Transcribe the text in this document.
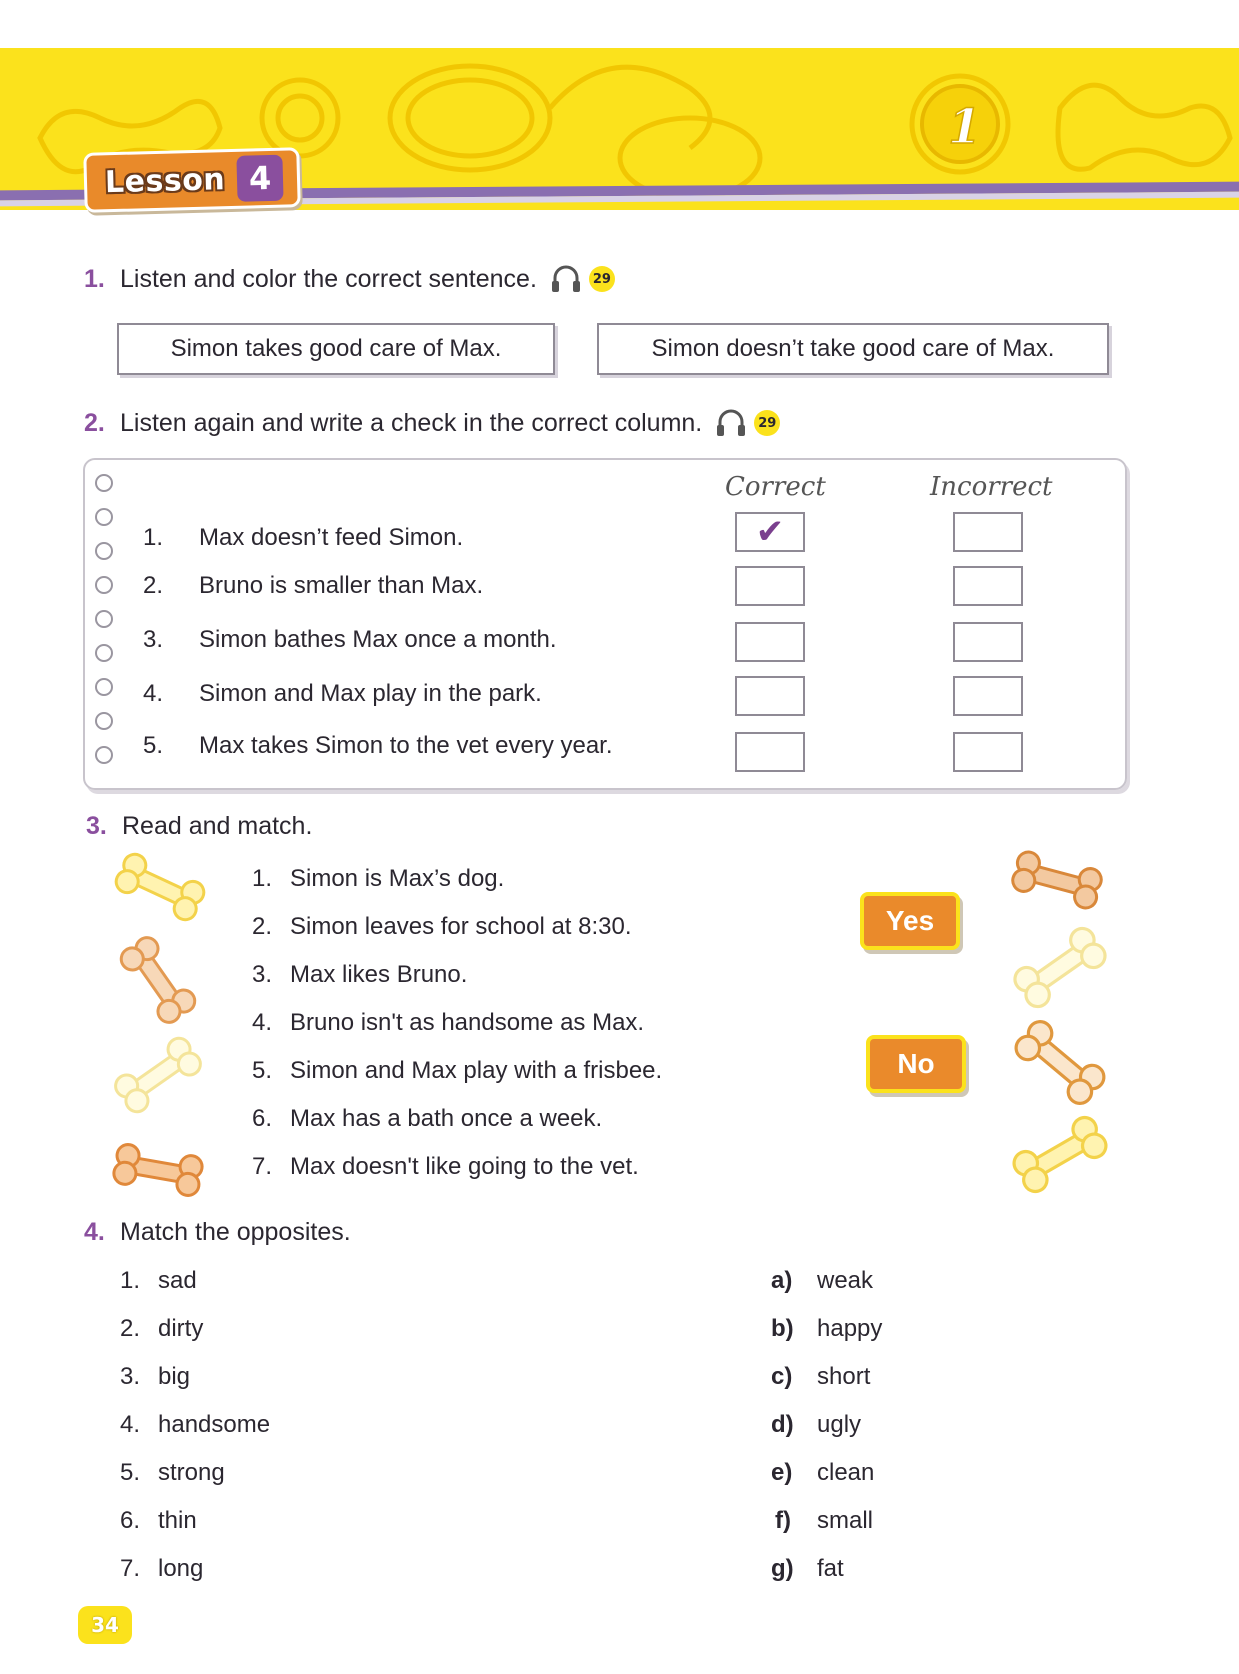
1
Lesson 4
1. Listen and color the correct sentence.	29
Simon takes good care of Max.	Simon doesn’t take good care of Max.
2. Listen again and write a check in the correct column.	29
Correct	Incorrect
1. Max doesn’t feed Simon.	✔
2. Bruno is smaller than Max.
3. Simon bathes Max once a month.
4. Simon and Max play in the park.
5. Max takes Simon to the vet every year.
3. Read and match.
1. Simon is Max’s dog.
2. Simon leaves for school at 8:30.
3. Max likes Bruno.
4. Bruno isn't as handsome as Max.
5. Simon and Max play with a frisbee.
6. Max has a bath once a week.
7. Max doesn't like going to the vet.
Yes
No
4. Match the opposites.
1. sad
2. dirty
3. big
4. handsome
5. strong
6. thin
7. long
a) weak
b) happy
c) short
d) ugly
e) clean
f) small
g) fat
34
